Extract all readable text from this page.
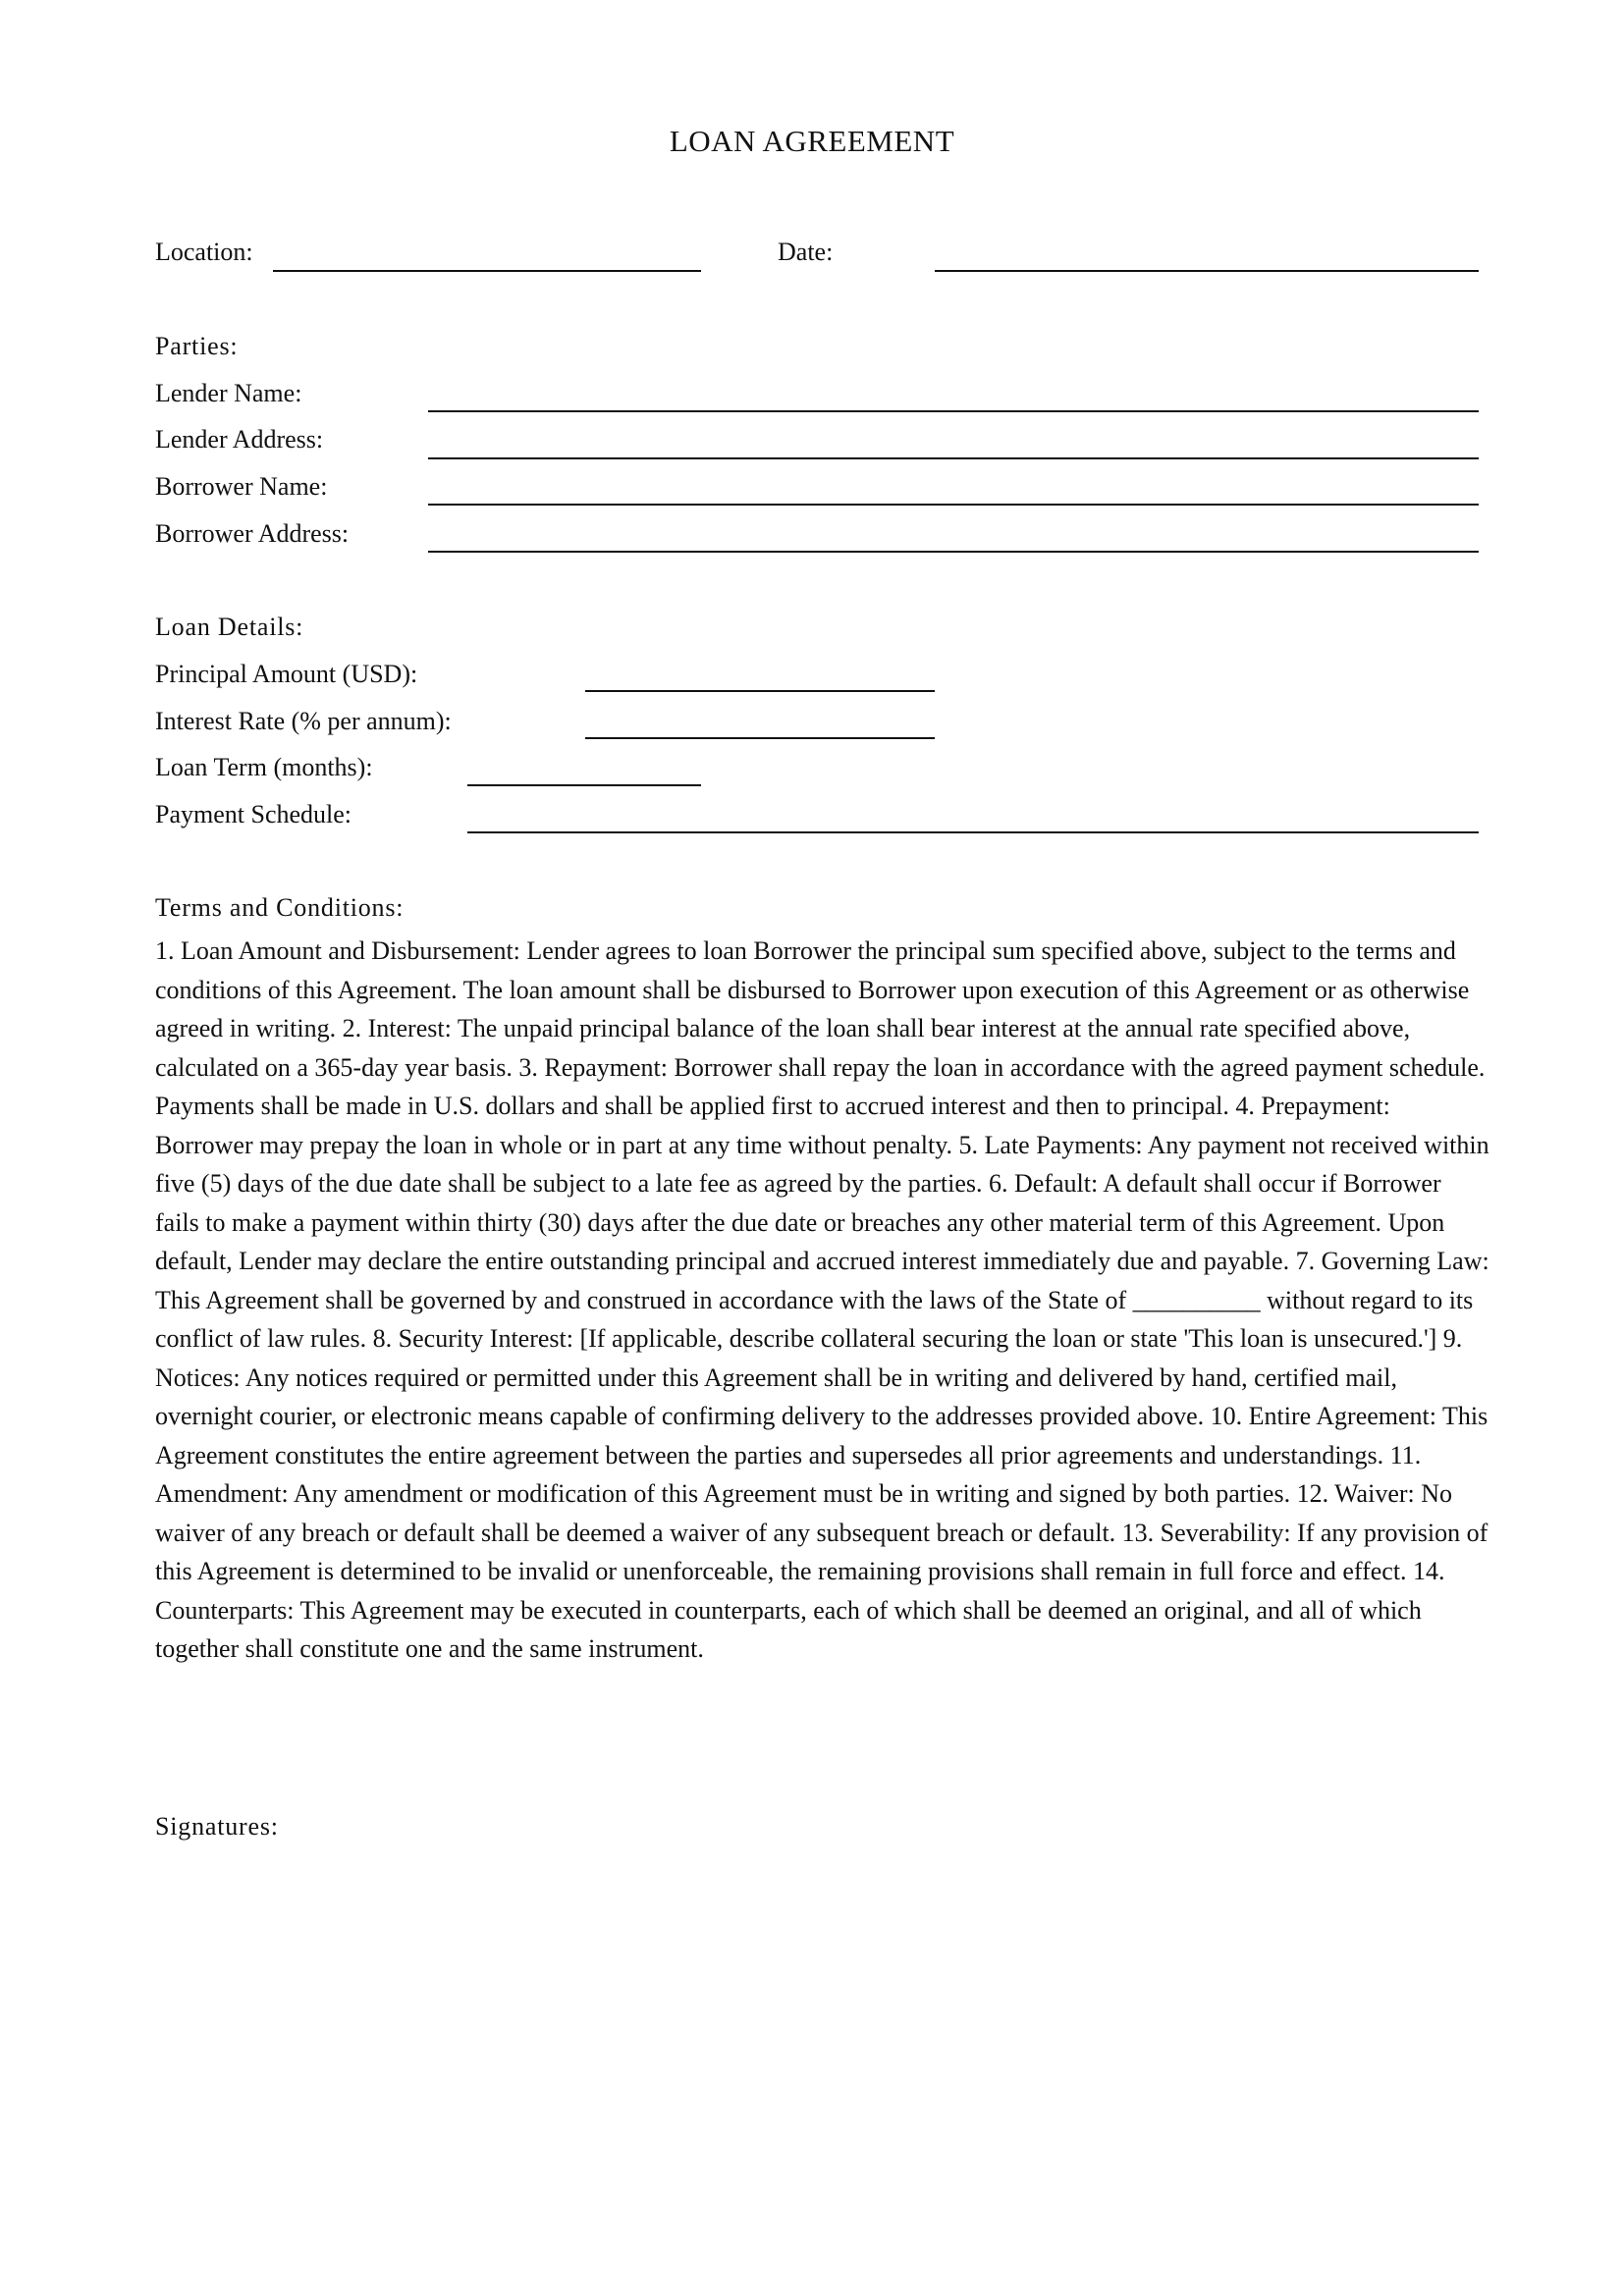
LOAN AGREEMENT
Location:	Date:
Parties:
Lender Name:
Lender Address:
Borrower Name:
Borrower Address:
Loan Details:
Principal Amount (USD):
Interest Rate (% per annum):
Loan Term (months):
Payment Schedule:
Terms and Conditions:

1. Loan Amount and Disbursement: Lender agrees to loan Borrower the principal sum specified above, subject to the terms and conditions of this Agreement. The loan amount shall be disbursed to Borrower upon execution of this Agreement or as otherwise agreed in writing. 2. Interest: The unpaid principal balance of the loan shall bear interest at the annual rate specified above, calculated on a 365-day year basis. 3. Repayment: Borrower shall repay the loan in accordance with the agreed payment schedule. Payments shall be made in U.S. dollars and shall be applied first to accrued interest and then to principal. 4. Prepayment: Borrower may prepay the loan in whole or in part at any time without penalty. 5. Late Payments: Any payment not received within five (5) days of the due date shall be subject to a late fee as agreed by the parties. 6. Default: A default shall occur if Borrower fails to make a payment within thirty (30) days after the due date or breaches any other material term of this Agreement. Upon default, Lender may declare the entire outstanding principal and accrued interest immediately due and payable. 7. Governing Law: This Agreement shall be governed by and construed in accordance with the laws of the State of __________ without regard to its conflict of law rules. 8. Security Interest: [If applicable, describe collateral securing the loan or state 'This loan is unsecured.'] 9. Notices: Any notices required or permitted under this Agreement shall be in writing and delivered by hand, certified mail, overnight courier, or electronic means capable of confirming delivery to the addresses provided above. 10. Entire Agreement: This Agreement constitutes the entire agreement between the parties and supersedes all prior agreements and understandings. 11. Amendment: Any amendment or modification of this Agreement must be in writing and signed by both parties. 12. Waiver: No waiver of any breach or default shall be deemed a waiver of any subsequent breach or default. 13. Severability: If any provision of this Agreement is determined to be invalid or unenforceable, the remaining provisions shall remain in full force and effect. 14. Counterparts: This Agreement may be executed in counterparts, each of which shall be deemed an original, and all of which together shall constitute one and the same instrument.

Signatures:
